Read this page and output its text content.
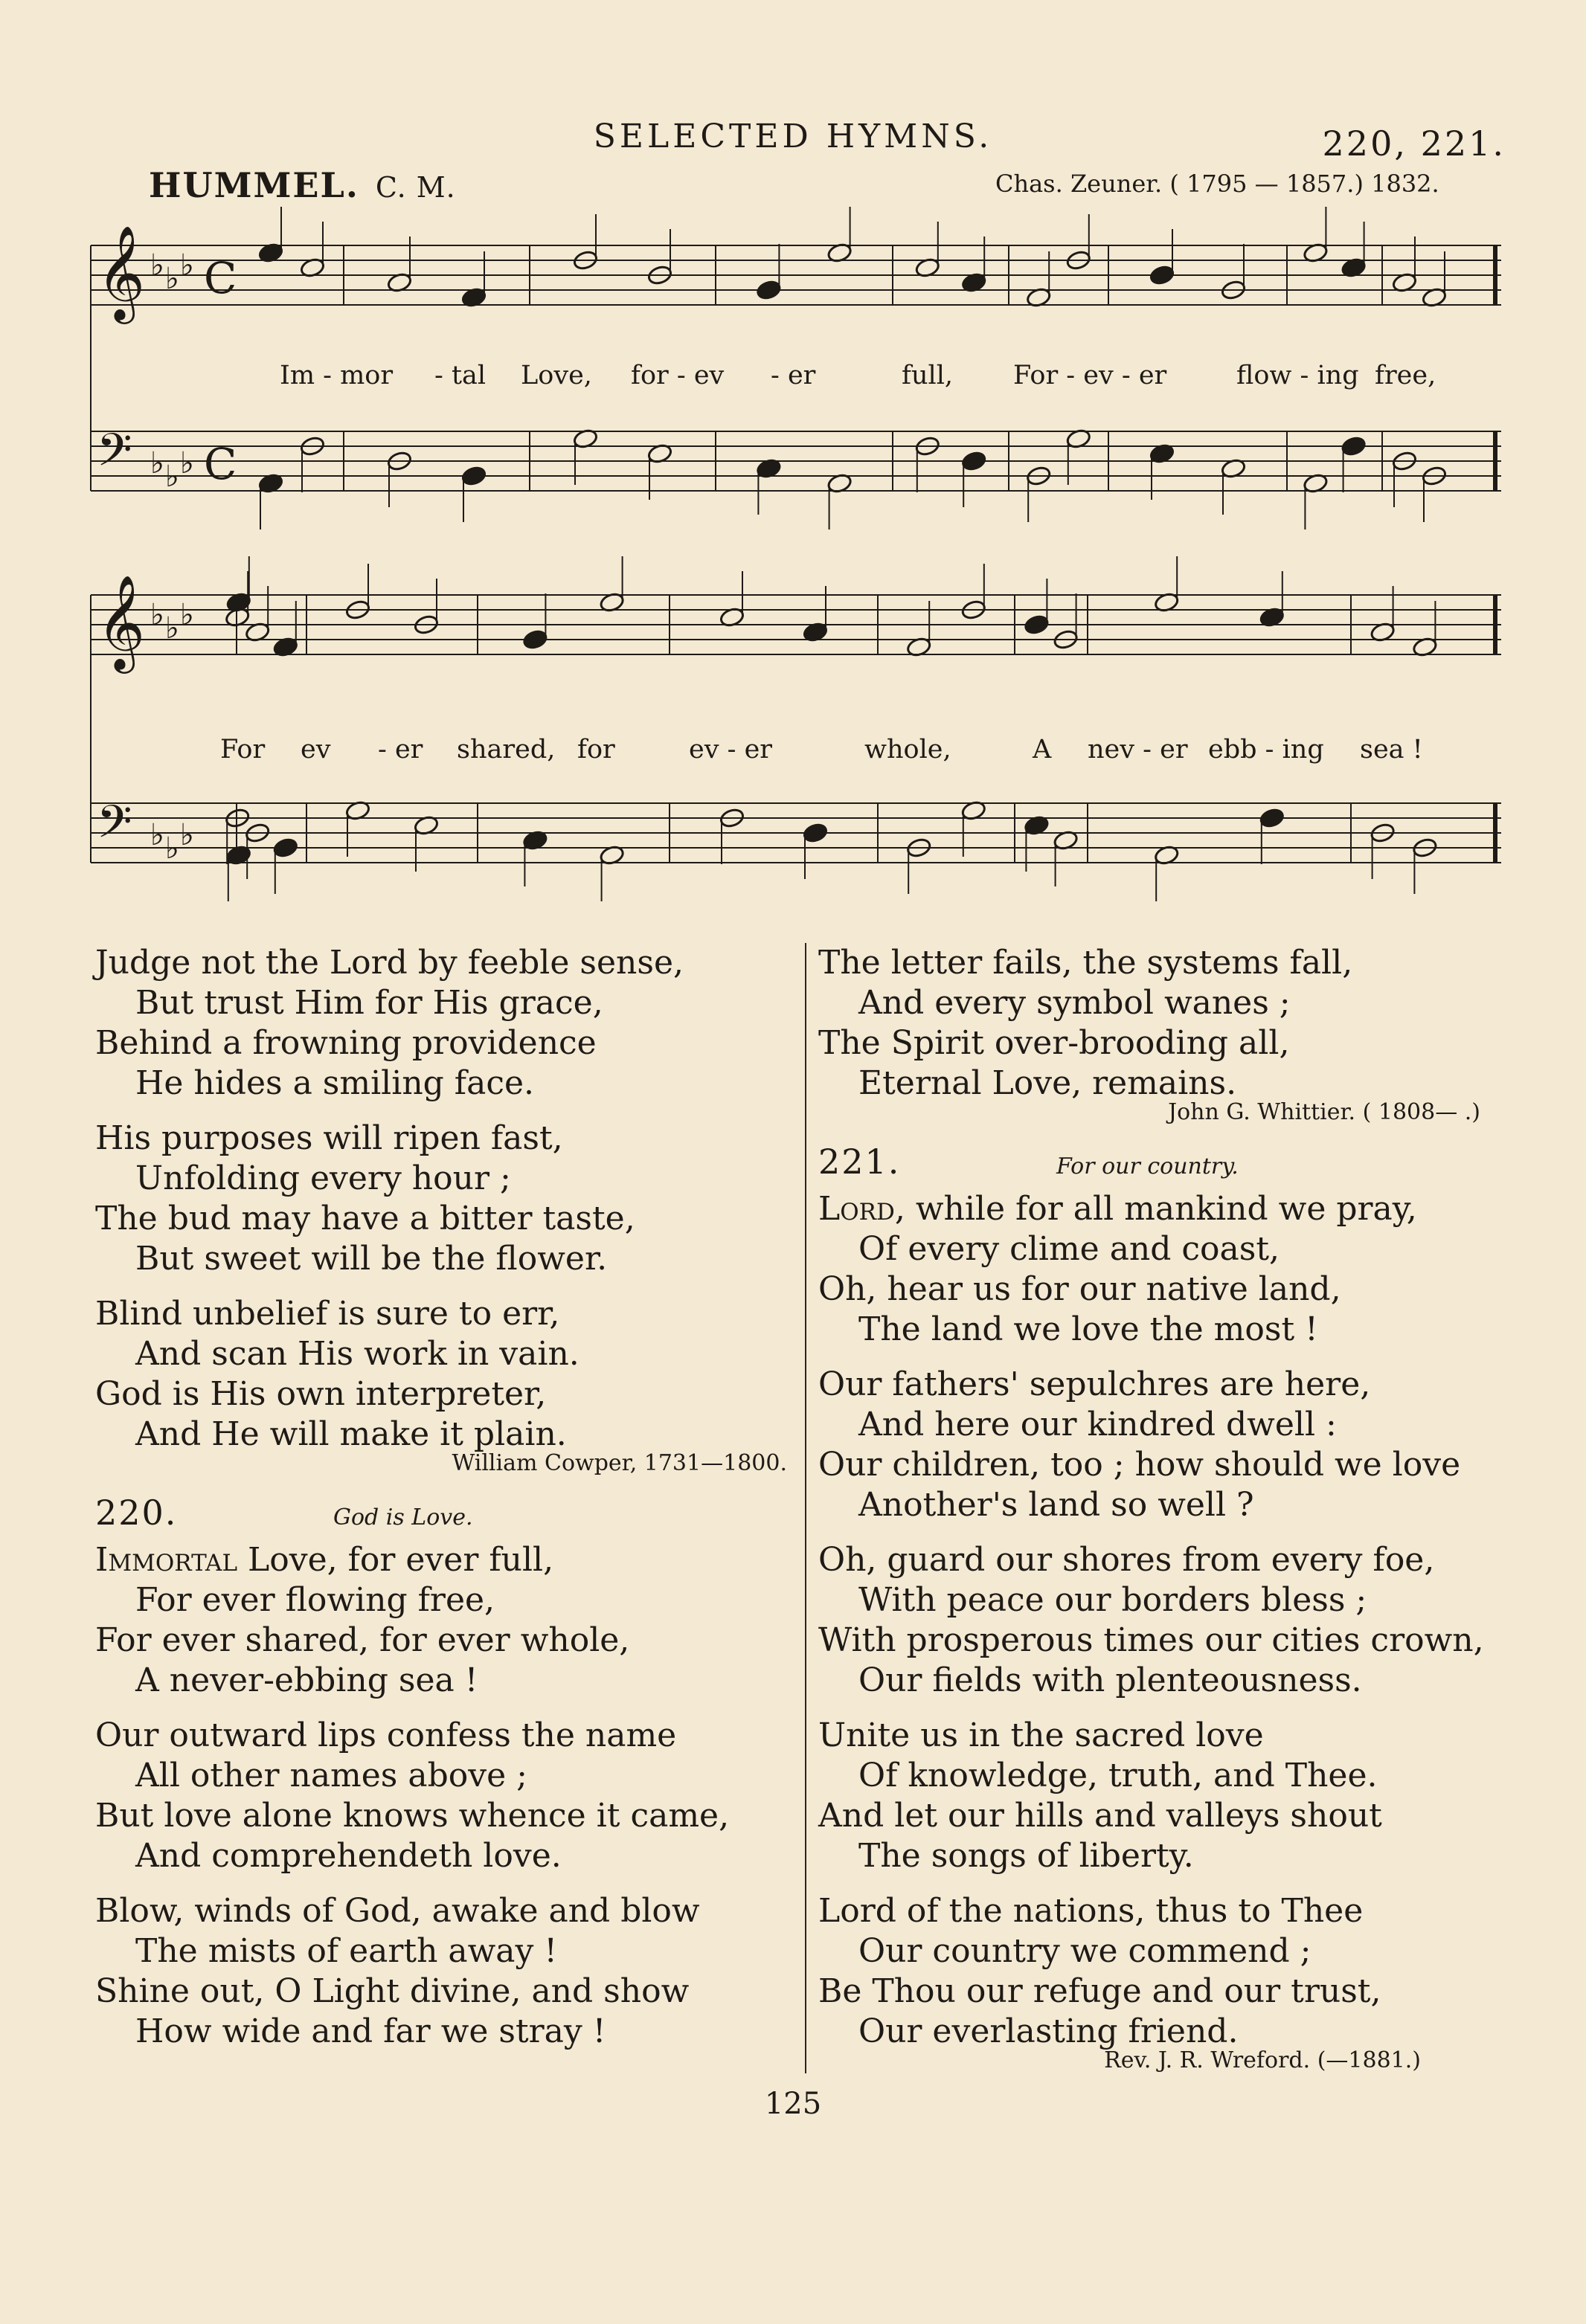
SELECTED HYMNS.	220, 221.
HUMMEL. C. M.	Chas. Zeuner. ( 1795 — 1857.) 1832.
𝄞 ♭ ♭ ♭ C
𝄢 ♭ ♭ ♭ C
𝄞 ♭ ♭ ♭
𝄢 ♭ ♭ ♭
Im - mor - tal Love, for - ev - er	full, For - ev - er	flow - ing free,
For ev - er shared, for	ev - er	whole,	A nev - er ebb - ing sea !
Judge not the Lord by feeble sense,
But trust Him for His grace,
Behind a frowning providence
He hides a smiling face.
His purposes will ripen fast,
Unfolding every hour ;
The bud may have a bitter taste,
But sweet will be the flower.
Blind unbelief is sure to err,
And scan His work in vain.
God is His own interpreter,
And He will make it plain.
William Cowper, 1731—1800.
220.	God is Love.
Immortal Love, for ever full,
For ever flowing free,
For ever shared, for ever whole,
A never-ebbing sea !
Our outward lips confess the name
All other names above ;
But love alone knows whence it came,
And comprehendeth love.
Blow, winds of God, awake and blow
The mists of earth away !
Shine out, O Light divine, and show
How wide and far we stray !
The letter fails, the systems fall,
And every symbol wanes ;
The Spirit over-brooding all,
Eternal Love, remains.
John G. Whittier. ( 1808— .)
221.	For our country.
Lord, while for all mankind we pray,
Of every clime and coast,
Oh, hear us for our native land,
The land we love the most !
Our fathers' sepulchres are here,
And here our kindred dwell :
Our children, too ; how should we love
Another's land so well ?
Oh, guard our shores from every foe,
With peace our borders bless ;
With prosperous times our cities crown,
Our fields with plenteousness.
Unite us in the sacred love
Of knowledge, truth, and Thee.
And let our hills and valleys shout
The songs of liberty.
Lord of the nations, thus to Thee
Our country we commend ;
Be Thou our refuge and our trust,
Our everlasting friend.
Rev. J. R. Wreford. (—1881.)
125
